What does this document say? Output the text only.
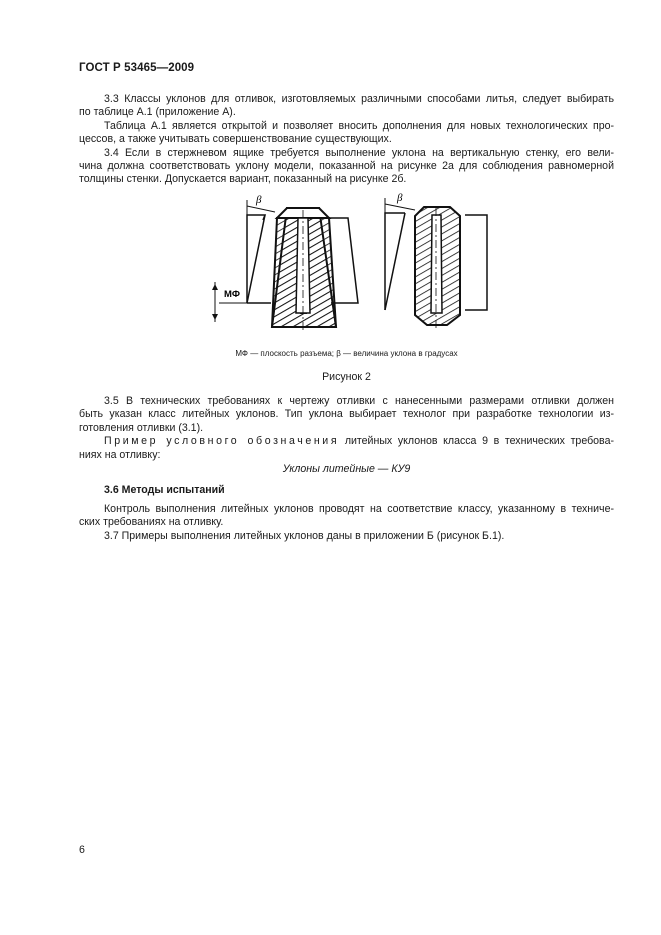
ГОСТ Р 53465—2009
3.3 Классы уклонов для отливок, изготовляемых различными способами литья, следует выбирать
по таблице А.1 (приложение А).
Таблица А.1 является открытой и позволяет вносить дополнения для новых технологических про-
цессов, а также учитывать совершенствование существующих.
3.4 Если в стержневом ящике требуется выполнение уклона на вертикальную стенку, его вели-
чина должна соответствовать уклону модели, показанной на рисунке 2а для соблюдения равномерной
толщины стенки. Допускается вариант, показанный на рисунке 2б.
β
МФ
β
МФ — плоскость разъема; β — величина уклона в градусах
Рисунок 2
3.5 В технических требованиях к чертежу отливки с нанесенными размерами отливки должен
быть указан класс литейных уклонов. Тип уклона выбирает технолог при разработке технологии из-
готовления отливки (3.1).
Пример условного обозначения литейных уклонов класса 9 в технических требова-
ниях на отливку:
Уклоны литейные — КУ9
3.6 Методы испытаний
Контроль выполнения литейных уклонов проводят на соответствие классу, указанному в техниче-
ских требованиях на отливку.
3.7 Примеры выполнения литейных уклонов даны в приложении Б (рисунок Б.1).
6
